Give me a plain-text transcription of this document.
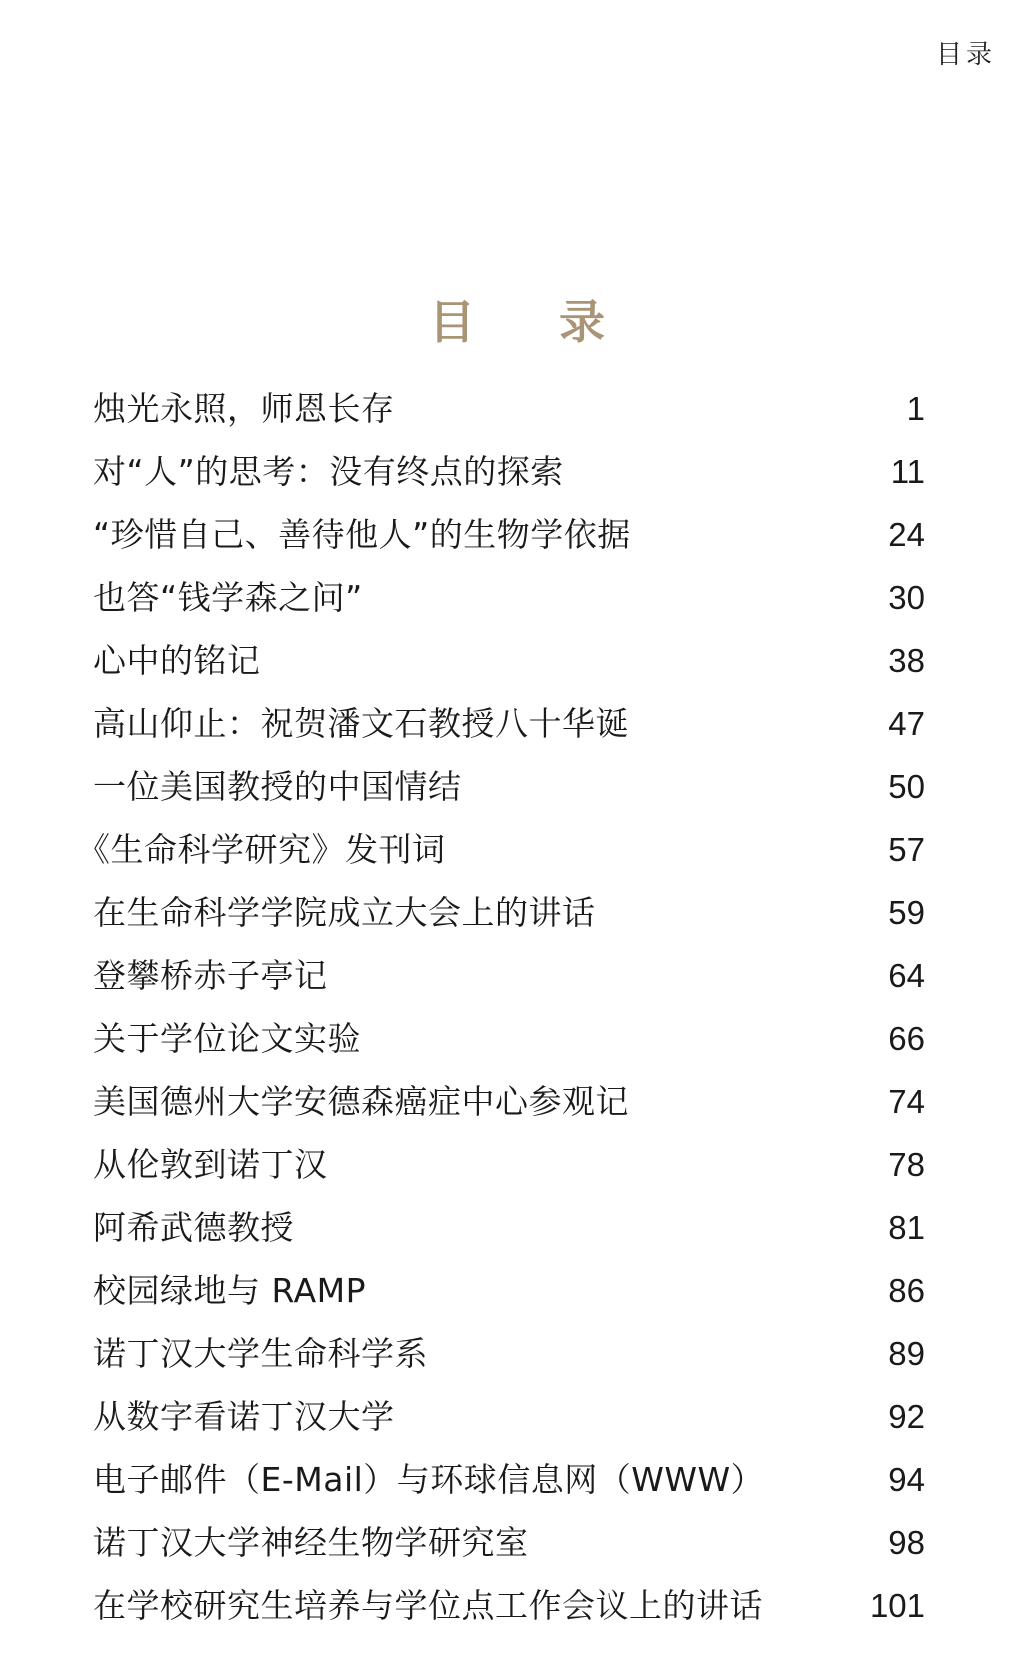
目录
目 录
烛光永照，师恩长存	1
对“人”的思考：没有终点的探索	11
“珍惜自己、善待他人”的生物学依据	24
也答“钱学森之问”	30
心中的铭记	38
高山仰止：祝贺潘文石教授八十华诞	47
一位美国教授的中国情结	50
《生命科学研究》发刊词	57
在生命科学学院成立大会上的讲话	59
登攀桥赤子亭记	64
关于学位论文实验	66
美国德州大学安德森癌症中心参观记	74
从伦敦到诺丁汉	78
阿希武德教授	81
校园绿地与 RAMP	86
诺丁汉大学生命科学系	89
从数字看诺丁汉大学	92
电子邮件（E-Mail）与环球信息网（WWW）	94
诺丁汉大学神经生物学研究室	98
在学校研究生培养与学位点工作会议上的讲话	101
